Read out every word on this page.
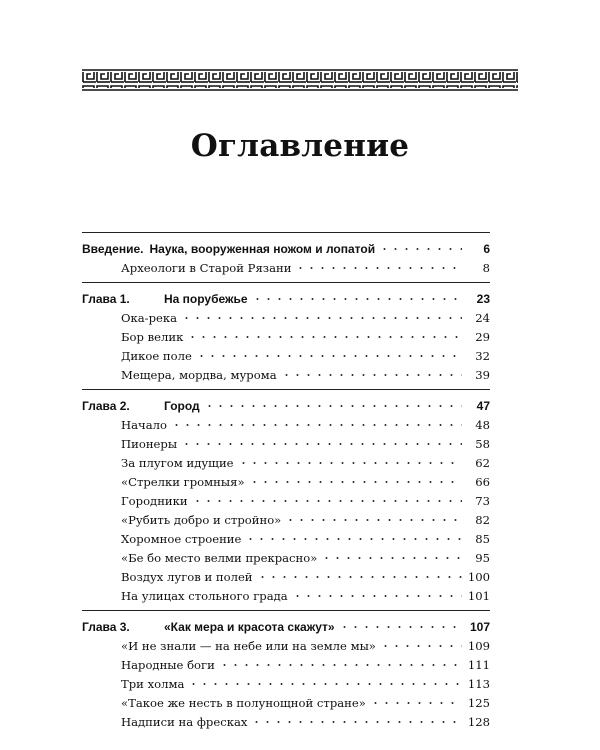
Оглавление
Введение. Наука, вооруженная ножом и лопатой	6
Археологи в Старой Рязани	8
Глава 1.	На порубежье	23
Ока-река	24
Бор велик	29
Дикое поле	32
Мещера, мордва, мурома	39
Глава 2.	Город	47
Начало	48
Пионеры	58
За плугом идущие	62
«Стрелки громныя»	66
Городники	73
«Рубить добро и стройно»	82
Хоромное строение	85
«Бе бо место велми прекрасно»	95
Воздух лугов и полей	100
На улицах стольного града	101
Глава 3.	«Как мера и красота скажут»	107
«И не знали — на небе или на земле мы»	109
Народные боги	111
Три холма	113
«Такое же несть в полунощной стране»	125
Надписи на фресках	128
